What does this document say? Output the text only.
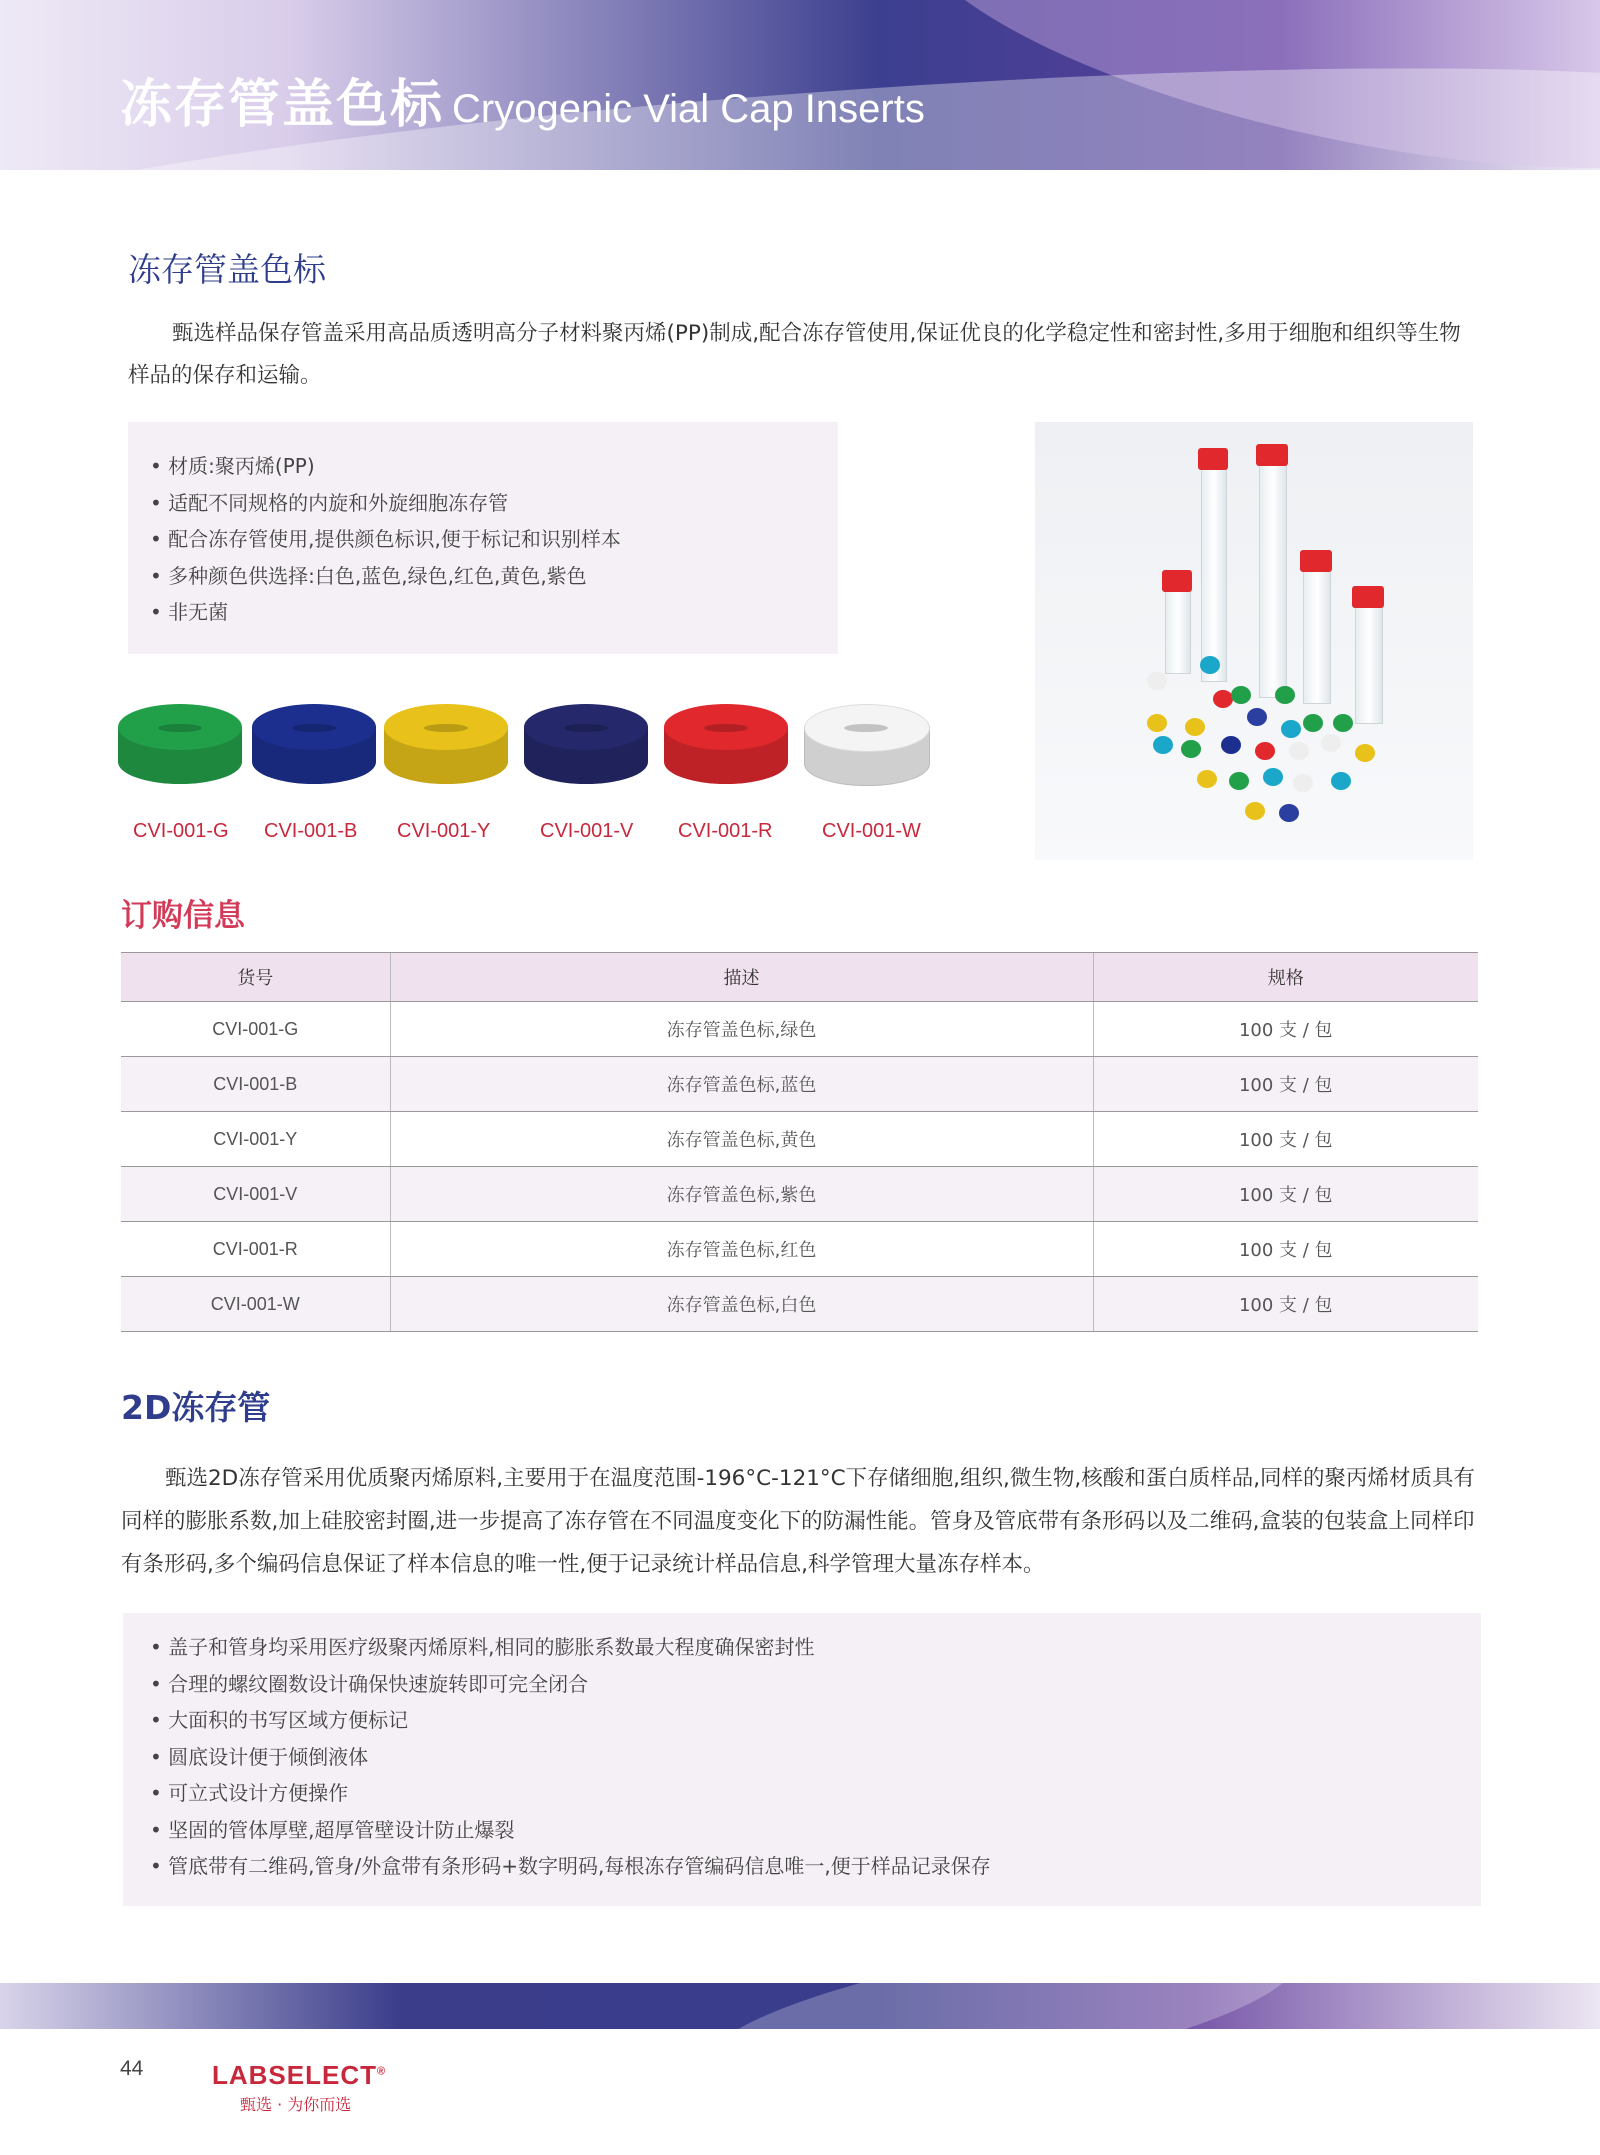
冻存管盖色标 Cryogenic Vial Cap Inserts
冻存管盖色标

甄选样品保存管盖采用高品质透明高分子材料聚丙烯(PP)制成,配合冻存管使用,保证优良的化学稳定性和密封性,多用于细胞和组织等生物样品的保存和运输。

• 材质:聚丙烯(PP)
• 适配不同规格的内旋和外旋细胞冻存管
• 配合冻存管使用,提供颜色标识,便于标记和识别样本
• 多种颜色供选择:白色,蓝色,绿色,红色,黄色,紫色
• 非无菌
CVI-001-G CVI-001-B CVI-001-Y CVI-001-V CVI-001-R CVI-001-W
订购信息
货号	描述	规格
CVI-001-G	冻存管盖色标,绿色	100 支 / 包
CVI-001-B	冻存管盖色标,蓝色	100 支 / 包
CVI-001-Y	冻存管盖色标,黄色	100 支 / 包
CVI-001-V	冻存管盖色标,紫色	100 支 / 包
CVI-001-R	冻存管盖色标,红色	100 支 / 包
CVI-001-W	冻存管盖色标,白色	100 支 / 包
2D冻存管

甄选2D冻存管采用优质聚丙烯原料,主要用于在温度范围-196°C-121°C下存储细胞,组织,微生物,核酸和蛋白质样品,同样的聚丙烯材质具有同样的膨胀系数,加上硅胶密封圈,进一步提高了冻存管在不同温度变化下的防漏性能。管身及管底带有条形码以及二维码,盒装的包装盒上同样印有条形码,多个编码信息保证了样本信息的唯一性,便于记录统计样品信息,科学管理大量冻存样本。

• 盖子和管身均采用医疗级聚丙烯原料,相同的膨胀系数最大程度确保密封性
• 合理的螺纹圈数设计确保快速旋转即可完全闭合
• 大面积的书写区域方便标记
• 圆底设计便于倾倒液体
• 可立式设计方便操作
• 坚固的管体厚壁,超厚管壁设计防止爆裂
• 管底带有二维码,管身/外盒带有条形码+数字明码,每根冻存管编码信息唯一,便于样品记录保存
44	LABSELECT®
甄选 · 为你而选
